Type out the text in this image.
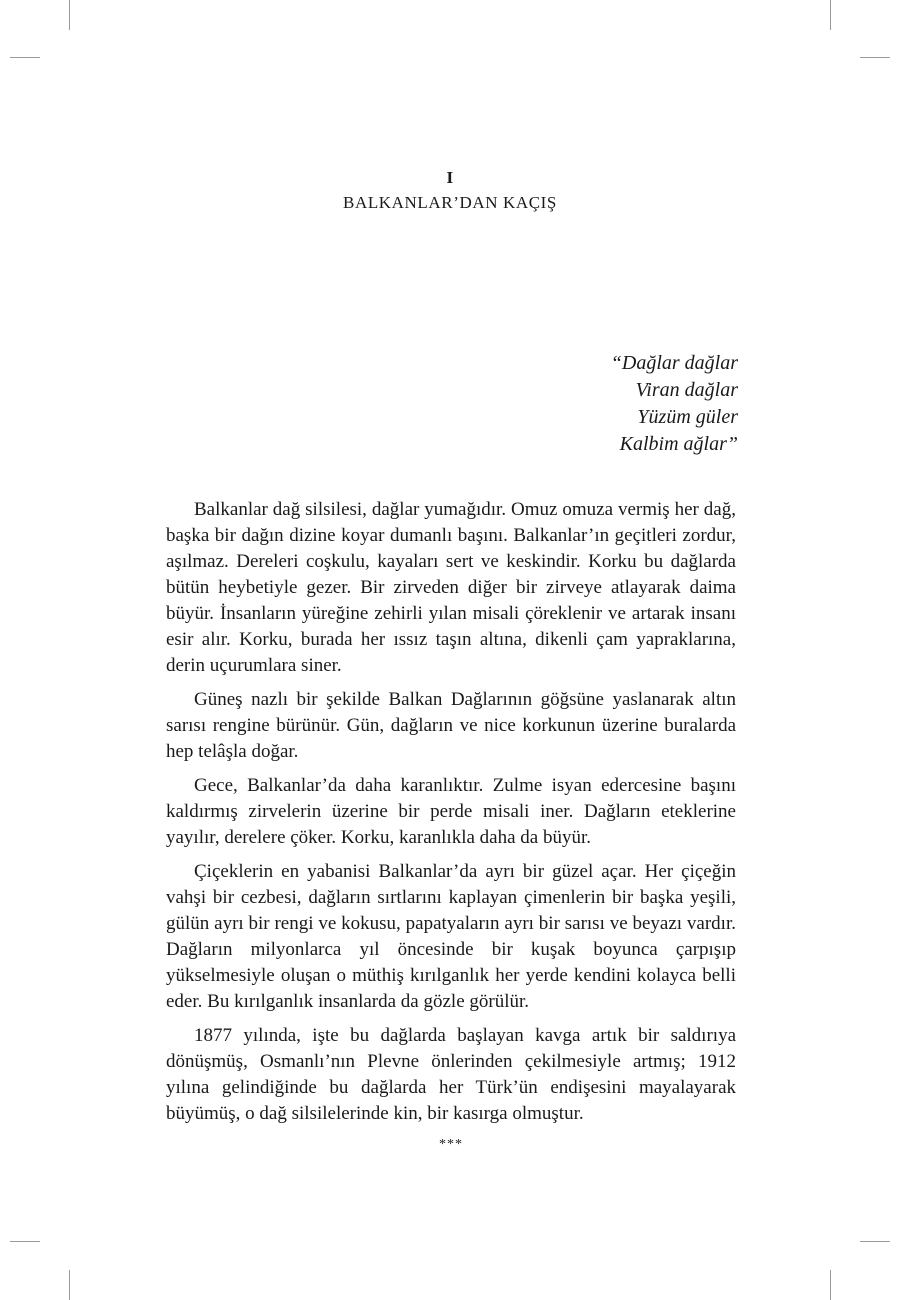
I
BALKANLAR’DAN KAÇIŞ
“Dağlar dağlar
Viran dağlar
Yüzüm güler
Kalbim ağlar”

Balkanlar dağ silsilesi, dağlar yumağıdır. Omuz omuza vermiş her dağ, başka bir dağın dizine koyar dumanlı başını. Balkanlar’ın geçitleri zordur, aşılmaz. Dereleri coşkulu, kayaları sert ve keskindir. Korku bu dağlarda bütün heybetiyle gezer. Bir zirveden diğer bir zirveye atlayarak daima büyür. İnsanların yüreğine zehirli yılan misali çöreklenir ve artarak insanı esir alır. Korku, burada her ıssız taşın altına, dikenli çam yapraklarına, derin uçurumlara siner.

Güneş nazlı bir şekilde Balkan Dağlarının göğsüne yaslanarak altın sarısı rengine bürünür. Gün, dağların ve nice korkunun üzerine buralarda hep telâşla doğar.

Gece, Balkanlar’da daha karanlıktır. Zulme isyan edercesine başını kaldırmış zirvelerin üzerine bir perde misali iner. Dağların eteklerine yayılır, derelere çöker. Korku, karanlıkla daha da büyür.

Çiçeklerin en yabanisi Balkanlar’da ayrı bir güzel açar. Her çiçeğin vahşi bir cezbesi, dağların sırtlarını kaplayan çimenlerin bir başka yeşili, gülün ayrı bir rengi ve kokusu, papatyaların ayrı bir sarısı ve beyazı vardır. Dağların milyonlarca yıl öncesinde bir kuşak boyunca çarpışıp yükselmesiyle oluşan o müthiş kırılganlık her yerde kendini kolayca belli eder. Bu kırılganlık insanlarda da gözle görülür.

1877 yılında, işte bu dağlarda başlayan kavga artık bir saldırıya dönüşmüş, Osmanlı’nın Plevne önlerinden çekilmesiyle artmış; 1912 yılına gelindiğinde bu dağlarda her Türk’ün endişesini mayalayarak büyümüş, o dağ silsilelerinde kin, bir kasırga olmuştur.

***
